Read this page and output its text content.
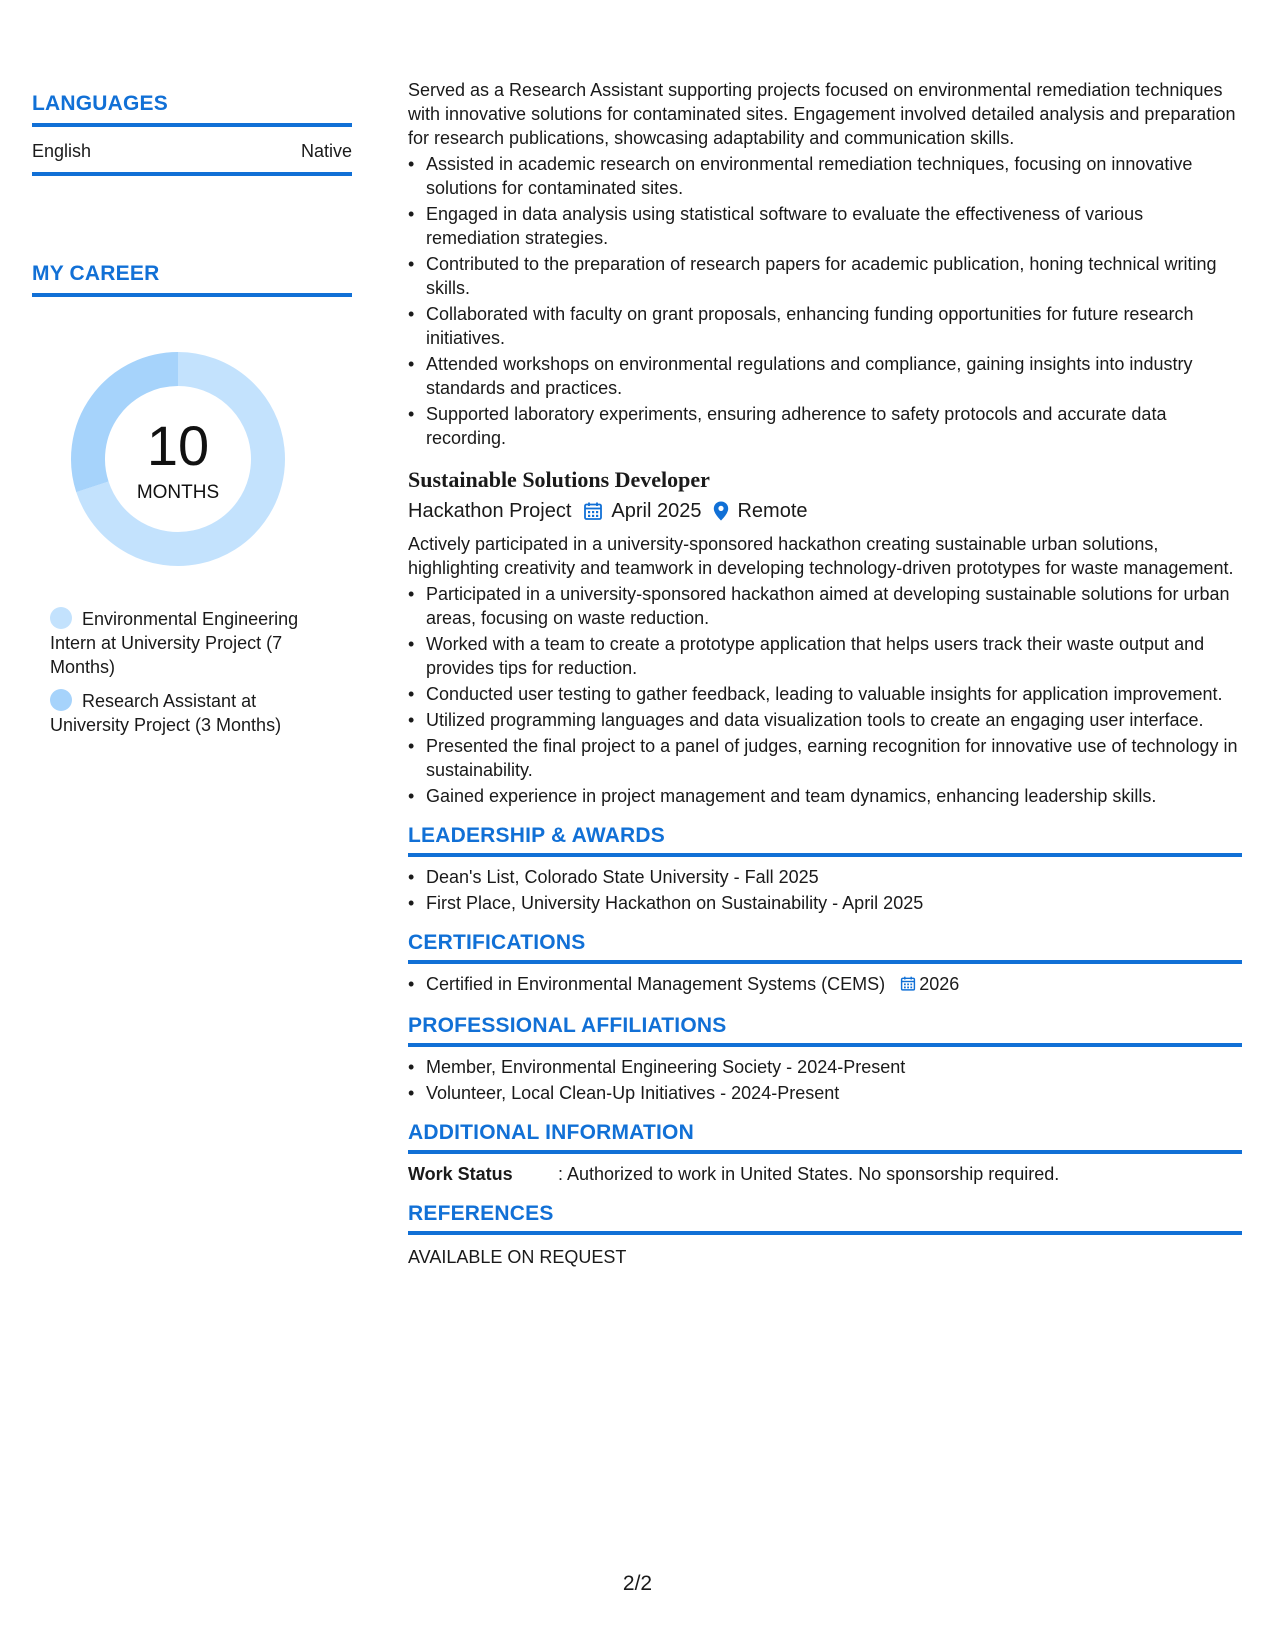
LANGUAGES
English	Native
MY CAREER
10
MONTHS
Environmental Engineering Intern at University Project (7 Months)
Research Assistant at University Project (3 Months)

Served as a Research Assistant supporting projects focused on environmental remediation techniques with innovative solutions for contaminated sites. Engagement involved detailed analysis and preparation for research publications, showcasing adaptability and communication skills.

• Assisted in academic research on environmental remediation techniques, focusing on innovative solutions for contaminated sites.
• Engaged in data analysis using statistical software to evaluate the effectiveness of various remediation strategies.
• Contributed to the preparation of research papers for academic publication, honing technical writing skills.
• Collaborated with faculty on grant proposals, enhancing funding opportunities for future research initiatives.
• Attended workshops on environmental regulations and compliance, gaining insights into industry standards and practices.
• Supported laboratory experiments, ensuring adherence to safety protocols and accurate data recording.
Sustainable Solutions Developer
Hackathon Project April 2025 Remote

Actively participated in a university-sponsored hackathon creating sustainable urban solutions, highlighting creativity and teamwork in developing technology-driven prototypes for waste management.

• Participated in a university-sponsored hackathon aimed at developing sustainable solutions for urban areas, focusing on waste reduction.
• Worked with a team to create a prototype application that helps users track their waste output and provides tips for reduction.
• Conducted user testing to gather feedback, leading to valuable insights for application improvement.
• Utilized programming languages and data visualization tools to create an engaging user interface.
• Presented the final project to a panel of judges, earning recognition for innovative use of technology in sustainability.
• Gained experience in project management and team dynamics, enhancing leadership skills.
LEADERSHIP & AWARDS
• Dean's List, Colorado State University - Fall 2025
• First Place, University Hackathon on Sustainability - April 2025
CERTIFICATIONS
• Certified in Environmental Management Systems (CEMS) 2026
PROFESSIONAL AFFILIATIONS
• Member, Environmental Engineering Society - 2024-Present
• Volunteer, Local Clean-Up Initiatives - 2024-Present
ADDITIONAL INFORMATION
Work Status	: Authorized to work in United States. No sponsorship required.
REFERENCES
AVAILABLE ON REQUEST
2/2
